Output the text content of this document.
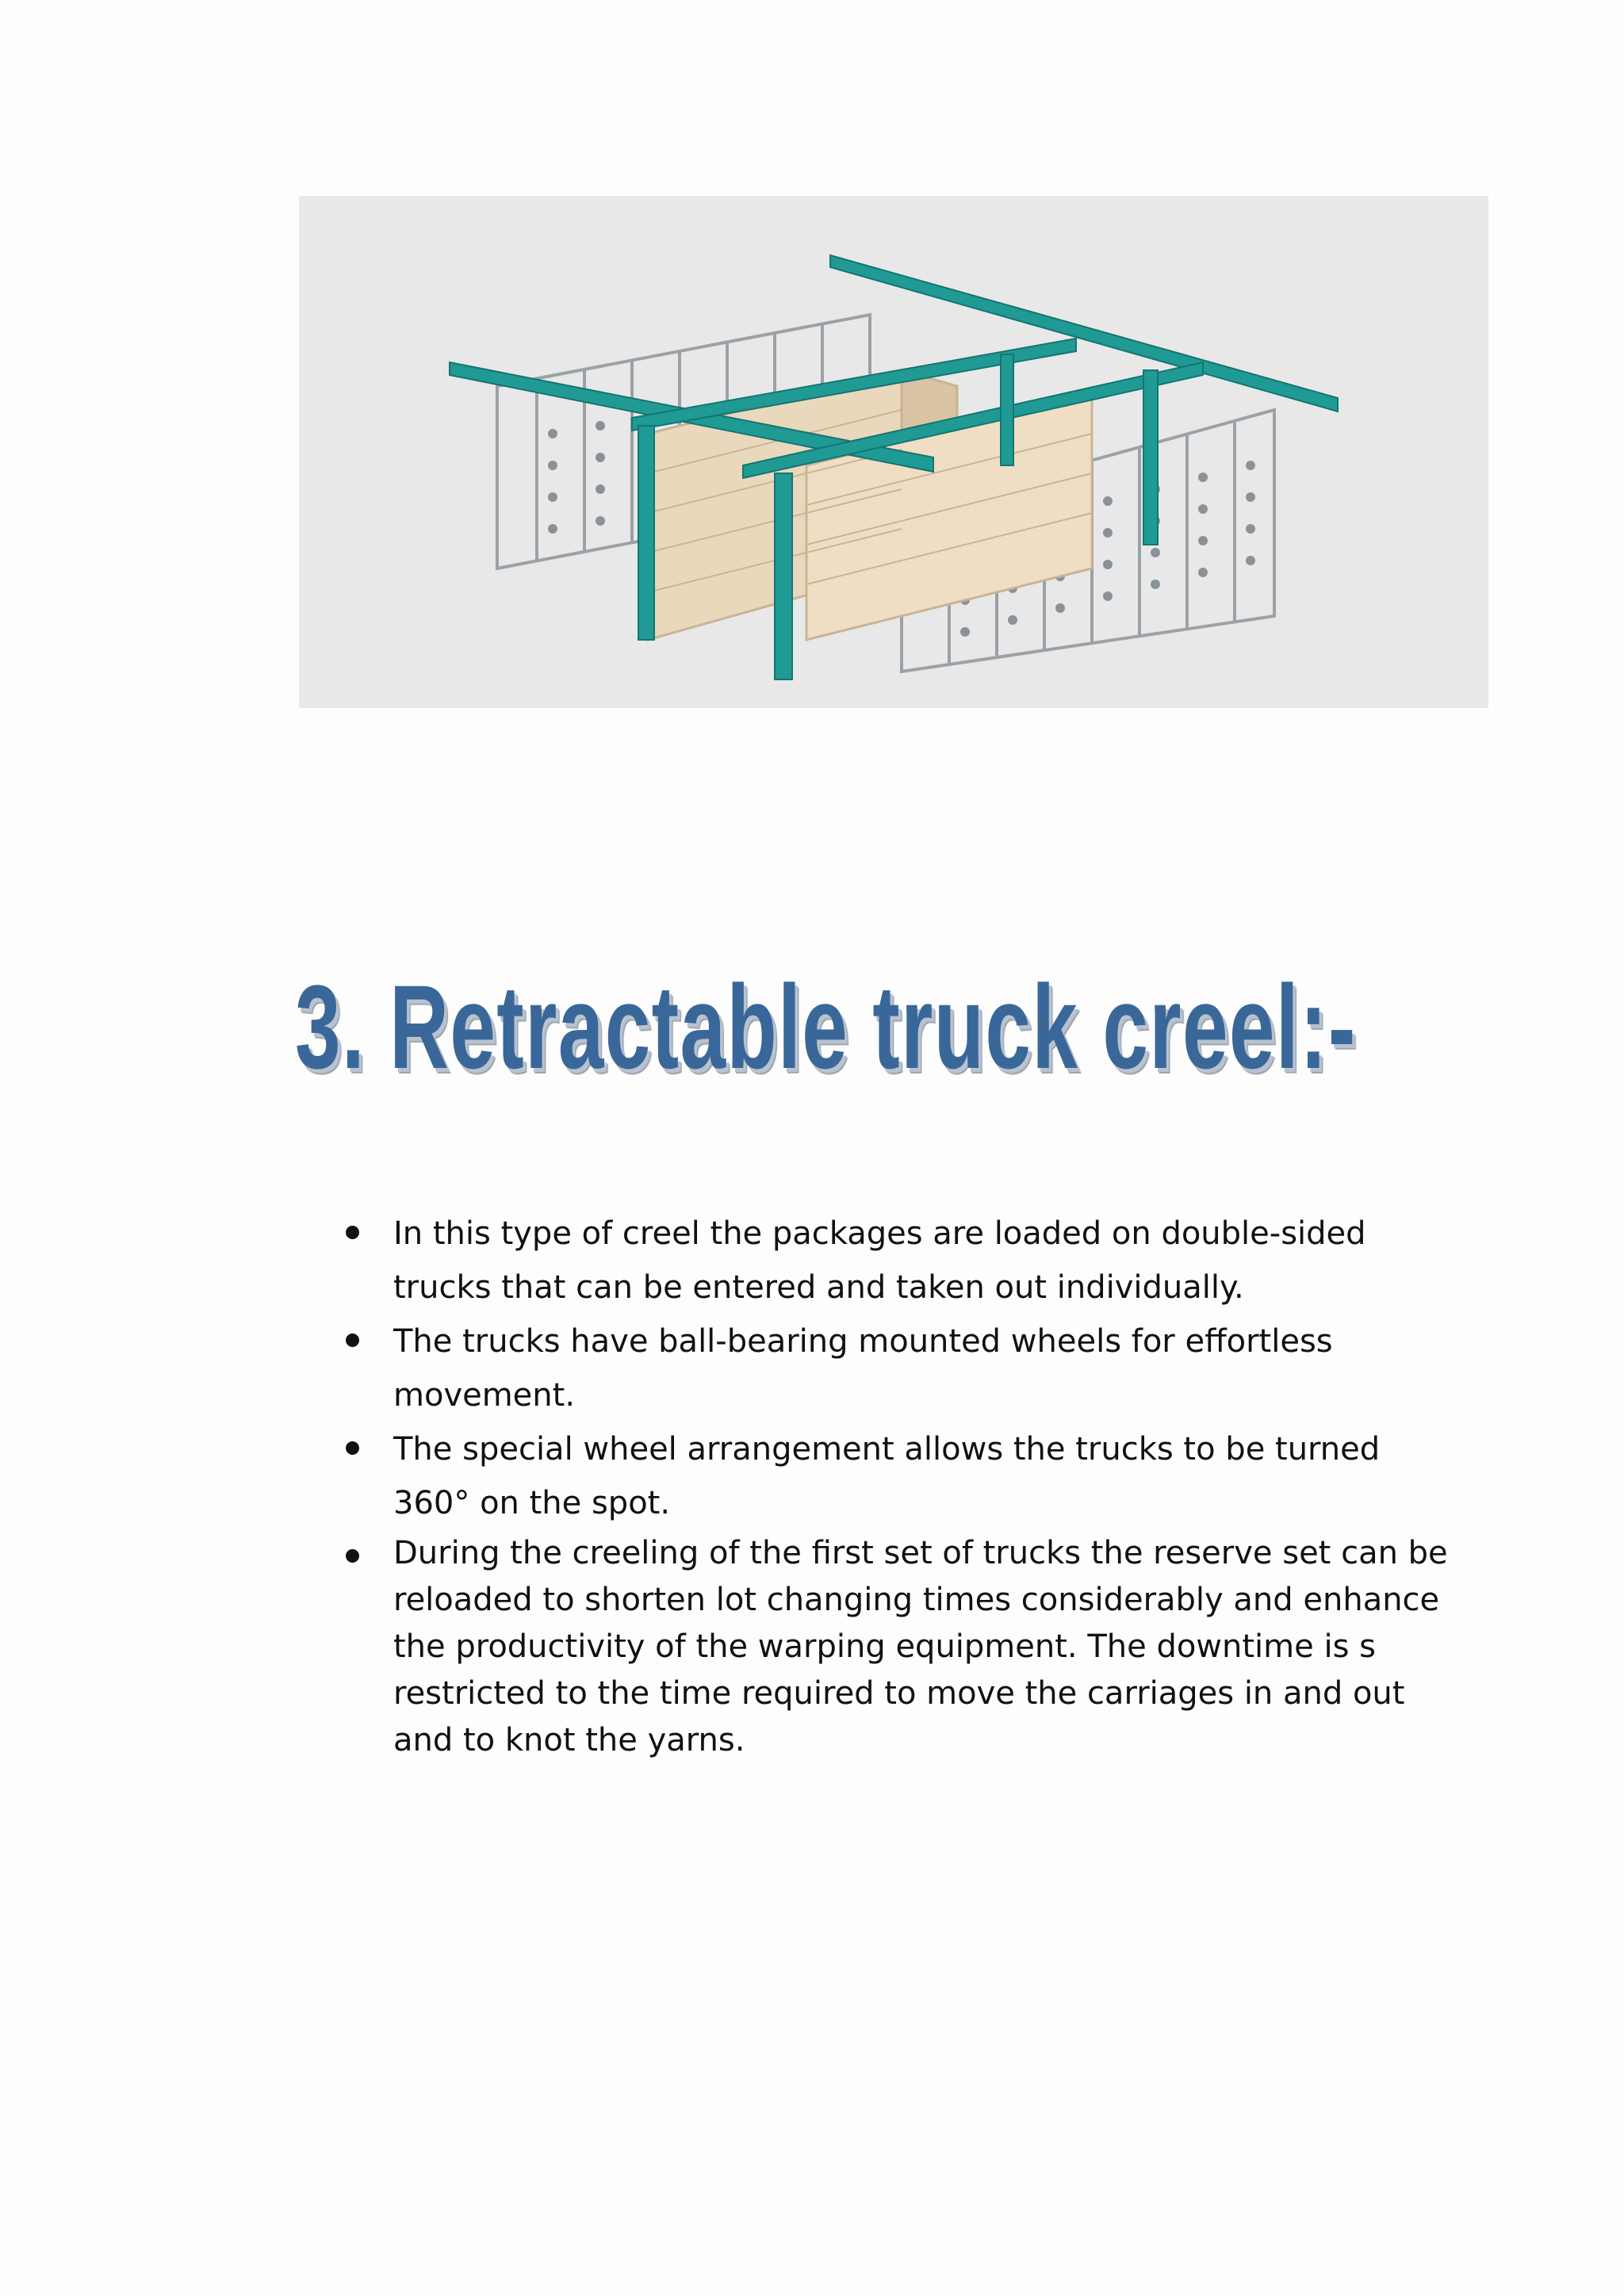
3. Retractable truck creel:-
In this type of creel the packages are loaded on double-sided trucks that can be entered and taken out individually.
The trucks have ball-bearing mounted wheels for effortless movement.
The special wheel arrangement allows the trucks to be turned 360° on the spot.
During the creeling of the first set of trucks the reserve set can be reloaded to shorten lot changing times considerably and enhance the productivity of the warping equipment. The downtime is s restricted to the time required to move the carriages in and out and to knot the yarns.
